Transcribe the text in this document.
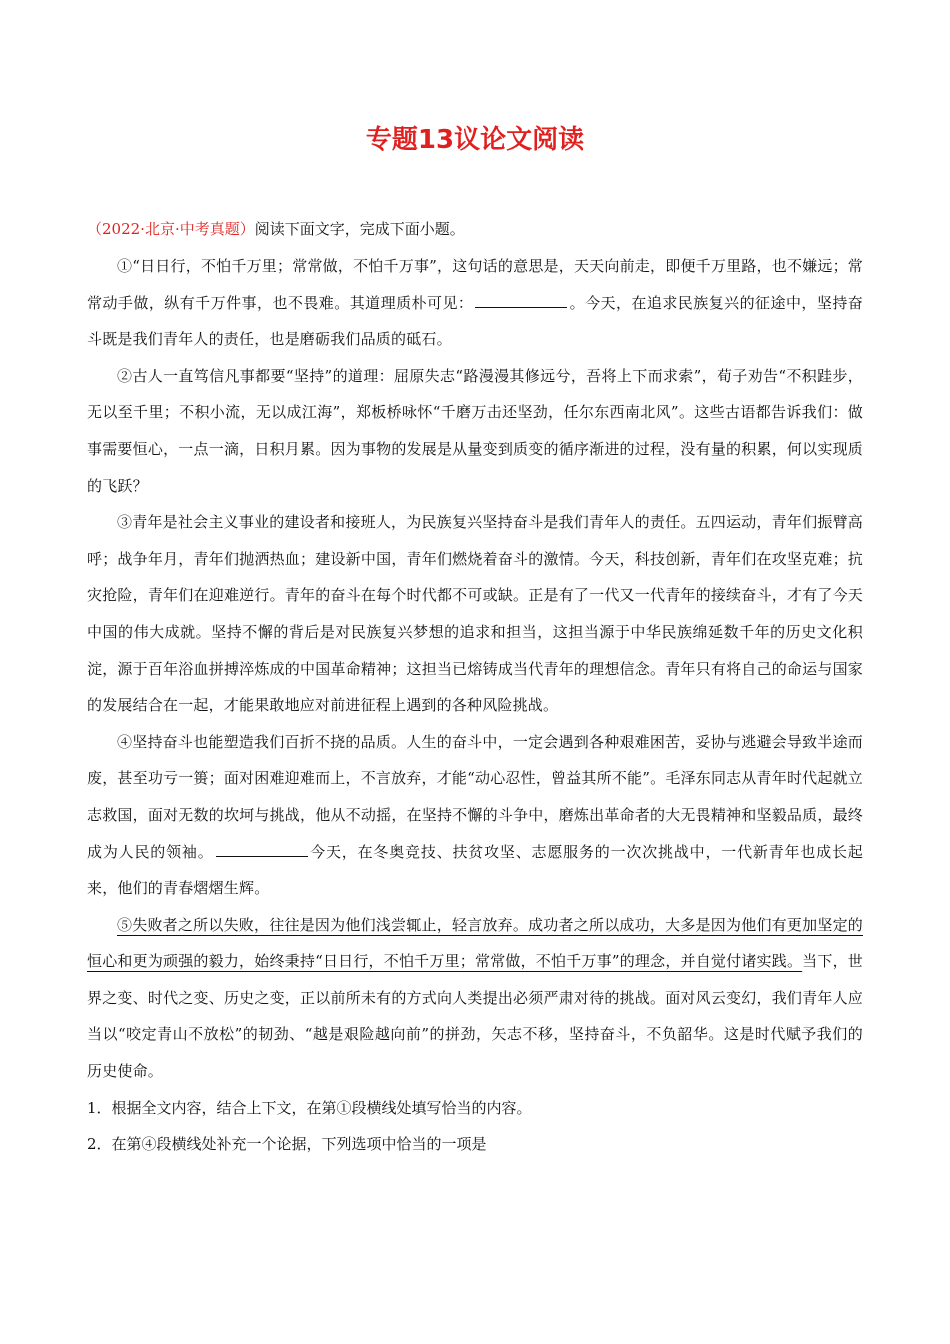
专题13议论文阅读

（2022·北京·中考真题）阅读下面文字，完成下面小题。

①“日日行，不怕千万里；常常做，不怕千万事”，这句话的意思是，天天向前走，即便千万里路，也不嫌远；常常动手做，纵有千万件事，也不畏难。其道理质朴可见：	。今天，在追求民族复兴的征途中，坚持奋斗既是我们青年人的责任，也是磨砺我们品质的砥石。

②古人一直笃信凡事都要“坚持”的道理：屈原失志“路漫漫其修远兮，吾将上下而求索”，荀子劝告“不积跬步，无以至千里；不积小流，无以成江海”，郑板桥咏怀“千磨万击还坚劲，任尔东西南北风”。这些古语都告诉我们：做事需要恒心，一点一滴，日积月累。因为事物的发展是从量变到质变的循序渐进的过程，没有量的积累，何以实现质的飞跃？

③青年是社会主义事业的建设者和接班人，为民族复兴坚持奋斗是我们青年人的责任。五四运动，青年们振臂高呼；战争年月，青年们抛洒热血；建设新中国，青年们燃烧着奋斗的激情。今天，科技创新，青年们在攻坚克难；抗灾抢险，青年们在迎难逆行。青年的奋斗在每个时代都不可或缺。正是有了一代又一代青年的接续奋斗，才有了今天中国的伟大成就。坚持不懈的背后是对民族复兴梦想的追求和担当，这担当源于中华民族绵延数千年的历史文化积淀，源于百年浴血拼搏淬炼成的中国革命精神；这担当已熔铸成当代青年的理想信念。青年只有将自己的命运与国家的发展结合在一起，才能果敢地应对前进征程上遇到的各种风险挑战。

④坚持奋斗也能塑造我们百折不挠的品质。人生的奋斗中，一定会遇到各种艰难困苦，妥协与逃避会导致半途而废，甚至功亏一篑；面对困难迎难而上，不言放弃，才能“动心忍性，曾益其所不能”。毛泽东同志从青年时代起就立志救国，面对无数的坎坷与挑战，他从不动摇，在坚持不懈的斗争中，磨炼出革命者的大无畏精神和坚毅品质，最终成为人民的领袖。	今天，在冬奥竞技、扶贫攻坚、志愿服务的一次次挑战中，一代新青年也成长起来，他们的青春熠熠生辉。

⑤失败者之所以失败，往往是因为他们浅尝辄止，轻言放弃。成功者之所以成功，大多是因为他们有更加坚定的恒心和更为顽强的毅力，始终秉持“日日行，不怕千万里；常常做，不怕千万事”的理念，并自觉付诸实践。当下，世界之变、时代之变、历史之变，正以前所未有的方式向人类提出必须严肃对待的挑战。面对风云变幻，我们青年人应当以“咬定青山不放松”的韧劲、“越是艰险越向前”的拼劲，矢志不移，坚持奋斗，不负韶华。这是时代赋予我们的历史使命。

1．根据全文内容，结合上下文，在第①段横线处填写恰当的内容。

2．在第④段横线处补充一个论据，下列选项中恰当的一项是
